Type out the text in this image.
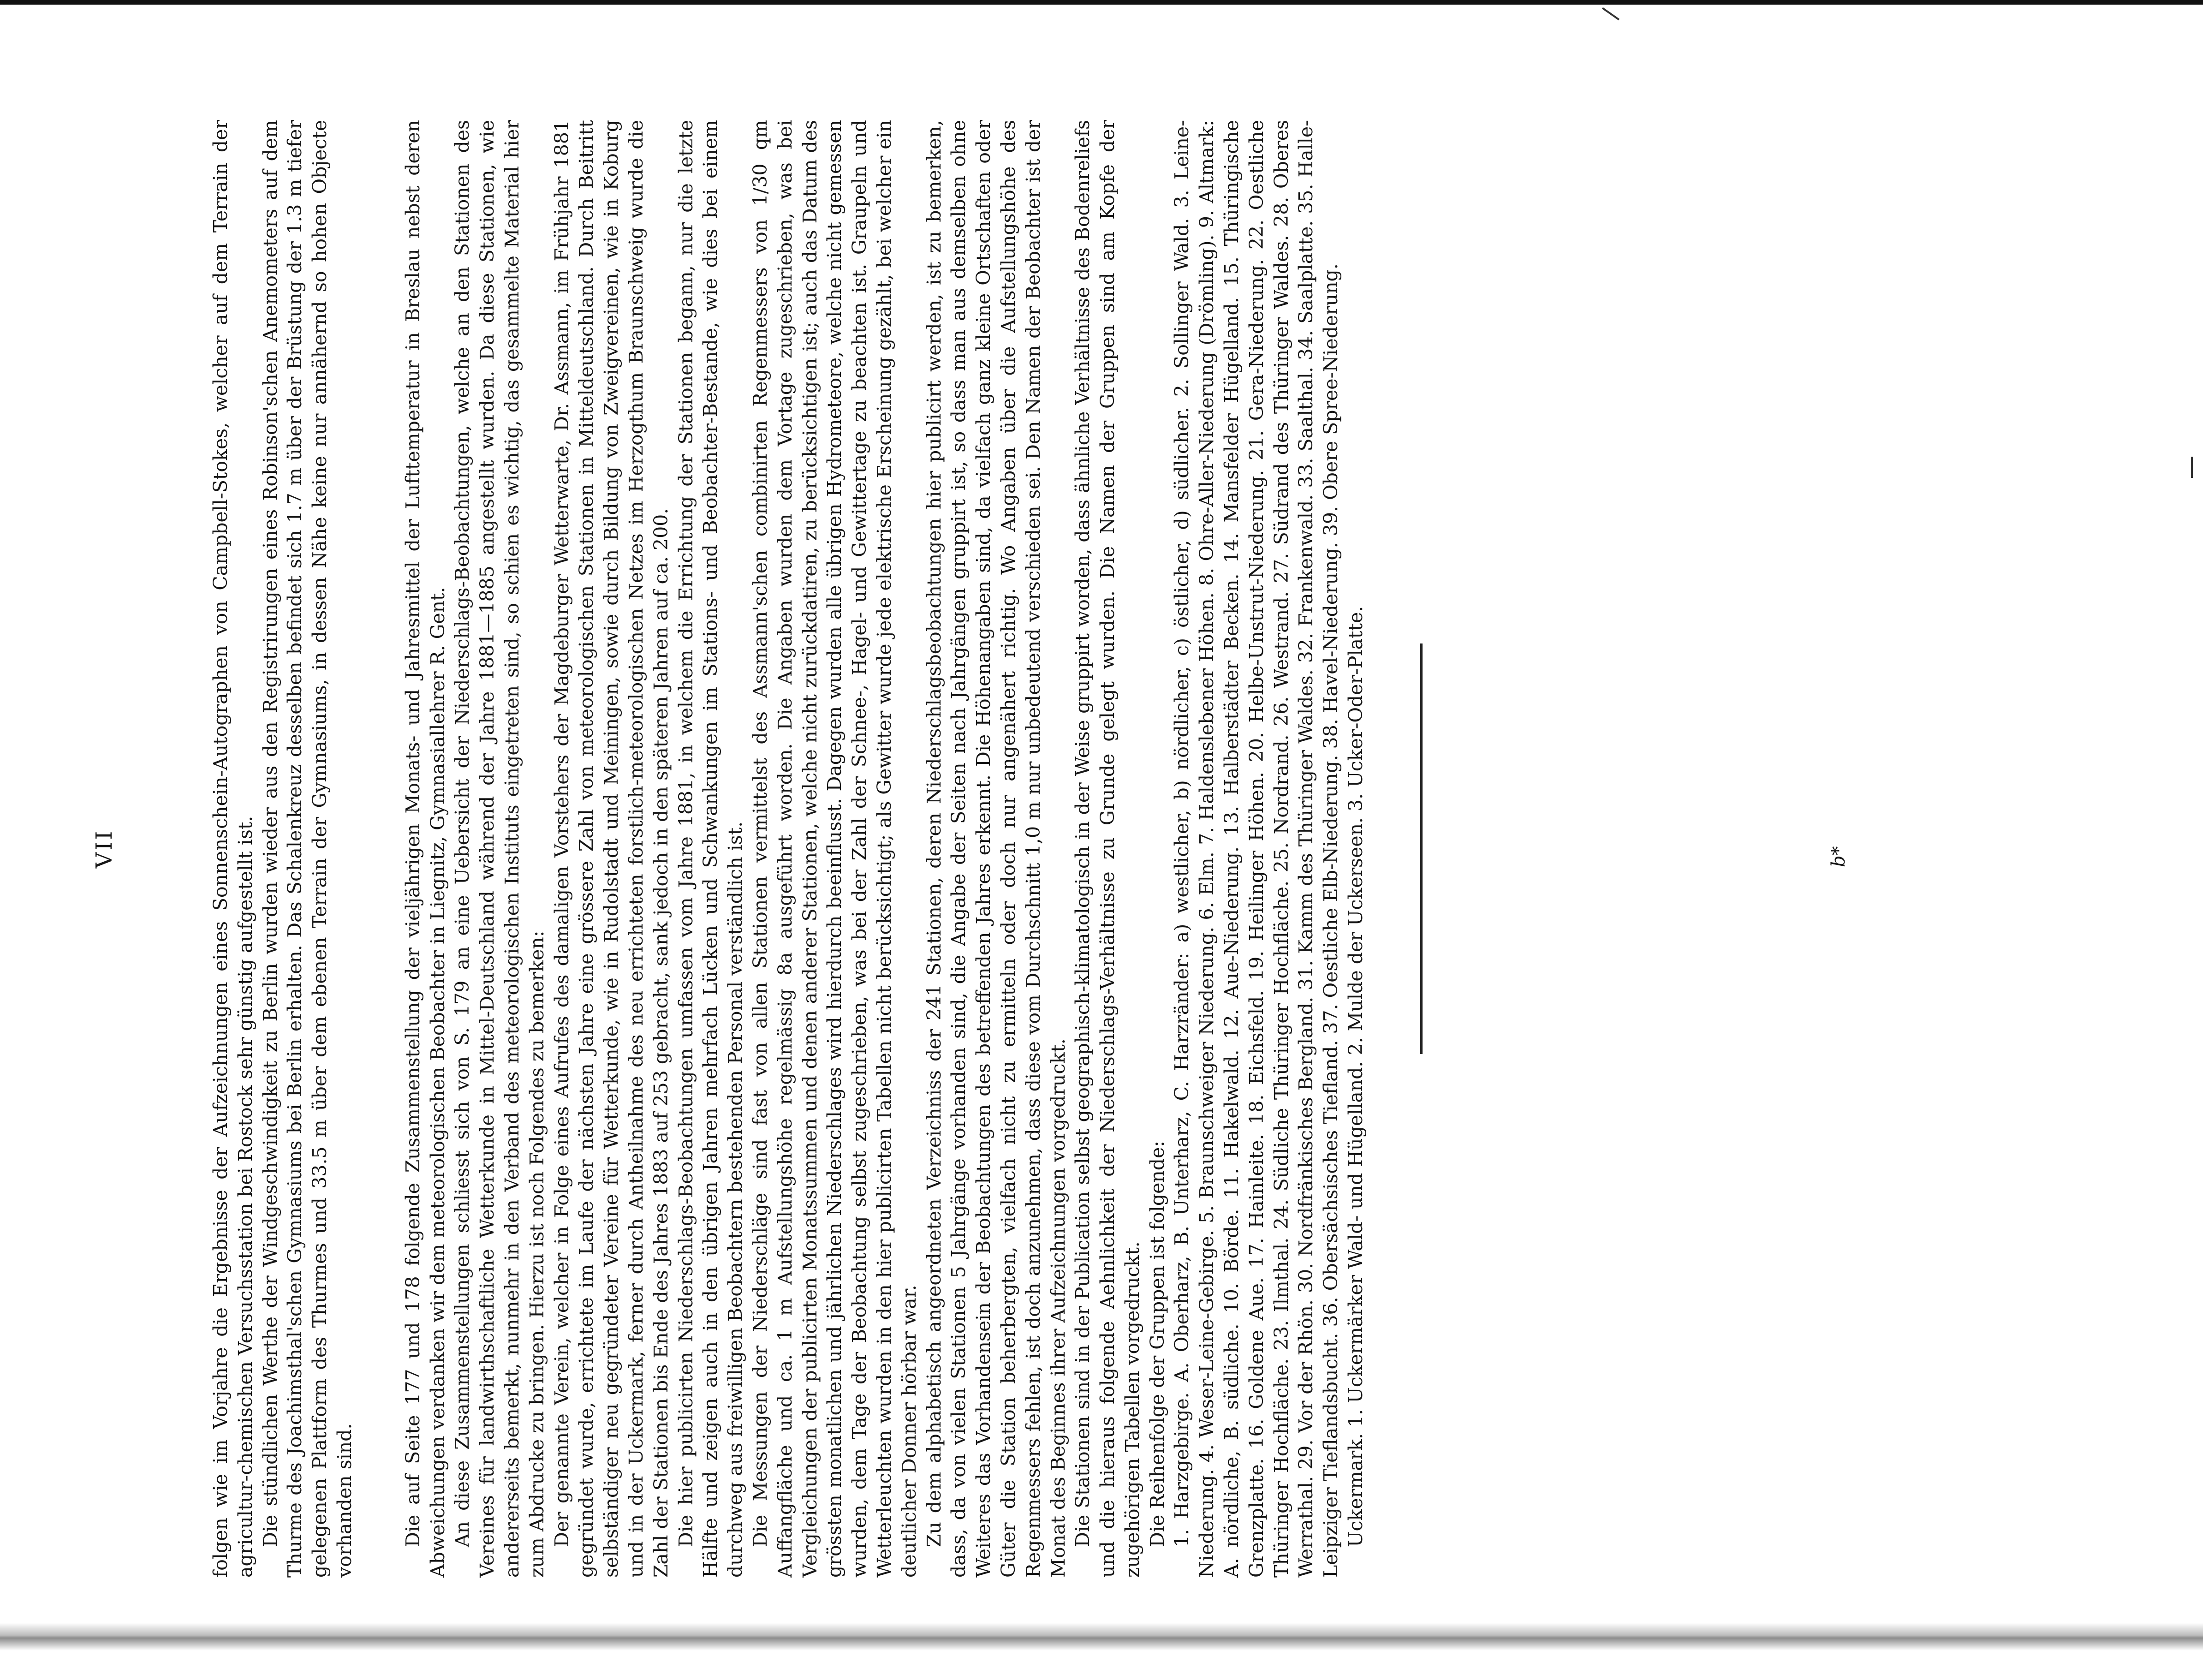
VII	folgen wie im Vorjahre die Ergebnisse der Aufzeichnungen eines Sonnenschein-Autographen von Campbell-Stokes, welcher auf dem Terrain der agricultur-chemischen Versuchsstation bei Rostock sehr günstig aufgestellt ist. Die stündlichen Werthe der Windgeschwindigkeit zu Berlin wurden wieder aus den Registrirungen eines Robinson'schen Anemometers auf dem Thurme des Joachimsthal'schen Gymnasiums bei Berlin erhalten. Das Schalenkreuz desselben befindet sich 1.7 m über der Brüstung der 1.3 m tiefer gelegenen Plattform des Thurmes und 33.5 m über dem ebenen Terrain der Gymnasiums, in dessen Nähe keine nur annähernd so hohen Objecte vorhanden sind. Die auf Seite 177 und 178 folgende Zusammenstellung der vieljährigen Monats- und Jahresmittel der Lufttemperatur in Breslau nebst deren Abweichungen verdanken wir dem meteorologischen Beobachter in Liegnitz, Gymnasiallehrer R. Gent. An diese Zusammenstellungen schliesst sich von S. 179 an eine Uebersicht der Niederschlags-Beobachtungen, welche an den Stationen des Vereines für landwirthschaftliche Wetterkunde in Mittel-Deutschland während der Jahre 1881—1885 angestellt wurden. Da diese Stationen, wie andererseits bemerkt, nunmehr in den Verband des meteorologischen Instituts eingetreten sind, so schien es wichtig, das gesammelte Material hier zum Abdrucke zu bringen. Hierzu ist noch Folgendes zu bemerken: Der genannte Verein, welcher in Folge eines Aufrufes des damaligen Vorstehers der Magdeburger Wetterwarte, Dr. Assmann, im Frühjahr 1881 gegründet wurde, errichtete im Laufe der nächsten Jahre eine grössere Zahl von meteorologischen Stationen in Mitteldeutschland. Durch Beitritt selbständiger neu gegründeter Vereine für Wetterkunde, wie in Rudolstadt und Meiningen, sowie durch Bildung von Zweigvereinen, wie in Koburg und in der Uckermark, ferner durch Antheilnahme des neu errichteten forstlich-meteorologischen Netzes im Herzogthum Braunschweig wurde die Zahl der Stationen bis Ende des Jahres 1883 auf 253 gebracht, sank jedoch in den späteren Jahren auf ca. 200. Die hier publicirten Niederschlags-Beobachtungen umfassen vom Jahre 1881, in welchem die Errichtung der Stationen begann, nur die letzte Hälfte und zeigen auch in den übrigen Jahren mehrfach Lücken und Schwankungen im Stations- und Beobachter-Bestande, wie dies bei einem durchweg aus freiwilligen Beobachtern bestehenden Personal verständlich ist. Die Messungen der Niederschläge sind fast von allen Stationen vermittelst des Assmann'schen combinirten Regenmessers von 1/30 qm Auffangfläche und ca. 1 m Aufstellungshöhe regelmässig 8a ausgeführt worden. Die Angaben wurden dem Vortage zugeschrieben, was bei Vergleichungen der publicirten Monatssummen und denen anderer Stationen, welche nicht zurückdatiren, zu berücksichtigen ist; auch das Datum des grössten monatlichen und jährlichen Niederschlages wird hierdurch beeinflusst. Dagegen wurden alle übrigen Hydrometeore, welche nicht gemessen wurden, dem Tage der Beobachtung selbst zugeschrieben, was bei der Zahl der Schnee-, Hagel- und Gewittertage zu beachten ist. Graupeln und Wetterleuchten wurden in den hier publicirten Tabellen nicht berücksichtigt; als Gewitter wurde jede elektrische Erscheinung gezählt, bei welcher ein deutlicher Donner hörbar war. Zu dem alphabetisch angeordneten Verzeichniss der 241 Stationen, deren Niederschlagsbeobachtungen hier publicirt werden, ist zu bemerken, dass, da von vielen Stationen 5 Jahrgänge vorhanden sind, die Angabe der Seiten nach Jahrgängen gruppirt ist, so dass man aus demselben ohne Weiteres das Vorhandensein der Beobachtungen des betreffenden Jahres erkennt. Die Höhenangaben sind, da vielfach ganz kleine Ortschaften oder Güter die Station beherbergten, vielfach nicht zu ermitteln oder doch nur angenähert richtig. Wo Angaben über die Aufstellungshöhe des Regenmessers fehlen, ist doch anzunehmen, dass diese vom Durchschnitt 1,0 m nur unbedeutend verschieden sei. Den Namen der Beobachter ist der Monat des Beginnes ihrer Aufzeichnungen vorgedruckt. Die Stationen sind in der Publication selbst geographisch-klimatologisch in der Weise gruppirt worden, dass ähnliche Verhältnisse des Bodenreliefs und die hieraus folgende Aehnlichkeit der Niederschlags-Verhältnisse zu Grunde gelegt wurden. Die Namen der Gruppen sind am Kopfe der zugehörigen Tabellen vorgedruckt. Die Reihenfolge der Gruppen ist folgende: 1. Harzgebirge. A. Oberharz, B. Unterharz, C. Harzränder: a) westlicher, b) nördlicher, c) östlicher, d) südlicher. 2. Sollinger Wald. 3. Leine-Niederung. 4. Weser-Leine-Gebirge. 5. Braunschweiger Niederung. 6. Elm. 7. Haldenslebener Höhen. 8. Ohre-Aller-Niederung (Drömling). 9. Altmark: A. nördliche, B. südliche. 10. Börde. 11. Hakelwald. 12. Aue-Niederung. 13. Halberstädter Becken. 14. Mansfelder Hügelland. 15. Thüringische Grenzplatte. 16. Goldene Aue. 17. Hainleite. 18. Eichsfeld. 19. Heilinger Höhen. 20. Helbe-Unstrut-Niederung. 21. Gera-Niederung. 22. Oestliche Thüringer Hochfläche. 23. Ilmthal. 24. Südliche Thüringer Hochfläche. 25. Nordrand. 26. Westrand. 27. Südrand des Thüringer Waldes. 28. Oberes Werrathal. 29. Vor der Rhön. 30. Nordfränkisches Bergland. 31. Kamm des Thüringer Waldes. 32. Frankenwald. 33. Saalthal. 34. Saalplatte. 35. Halle-Leipziger Tieflandsbucht. 36. Obersächsisches Tiefland. 37. Oestliche Elb-Niederung. 38. Havel-Niederung. 39. Obere Spree-Niederung. Uckermark. 1. Uckermärker Wald- und Hügelland. 2. Mulde der Uckerseen. 3. Ucker-Oder-Platte.	b*
